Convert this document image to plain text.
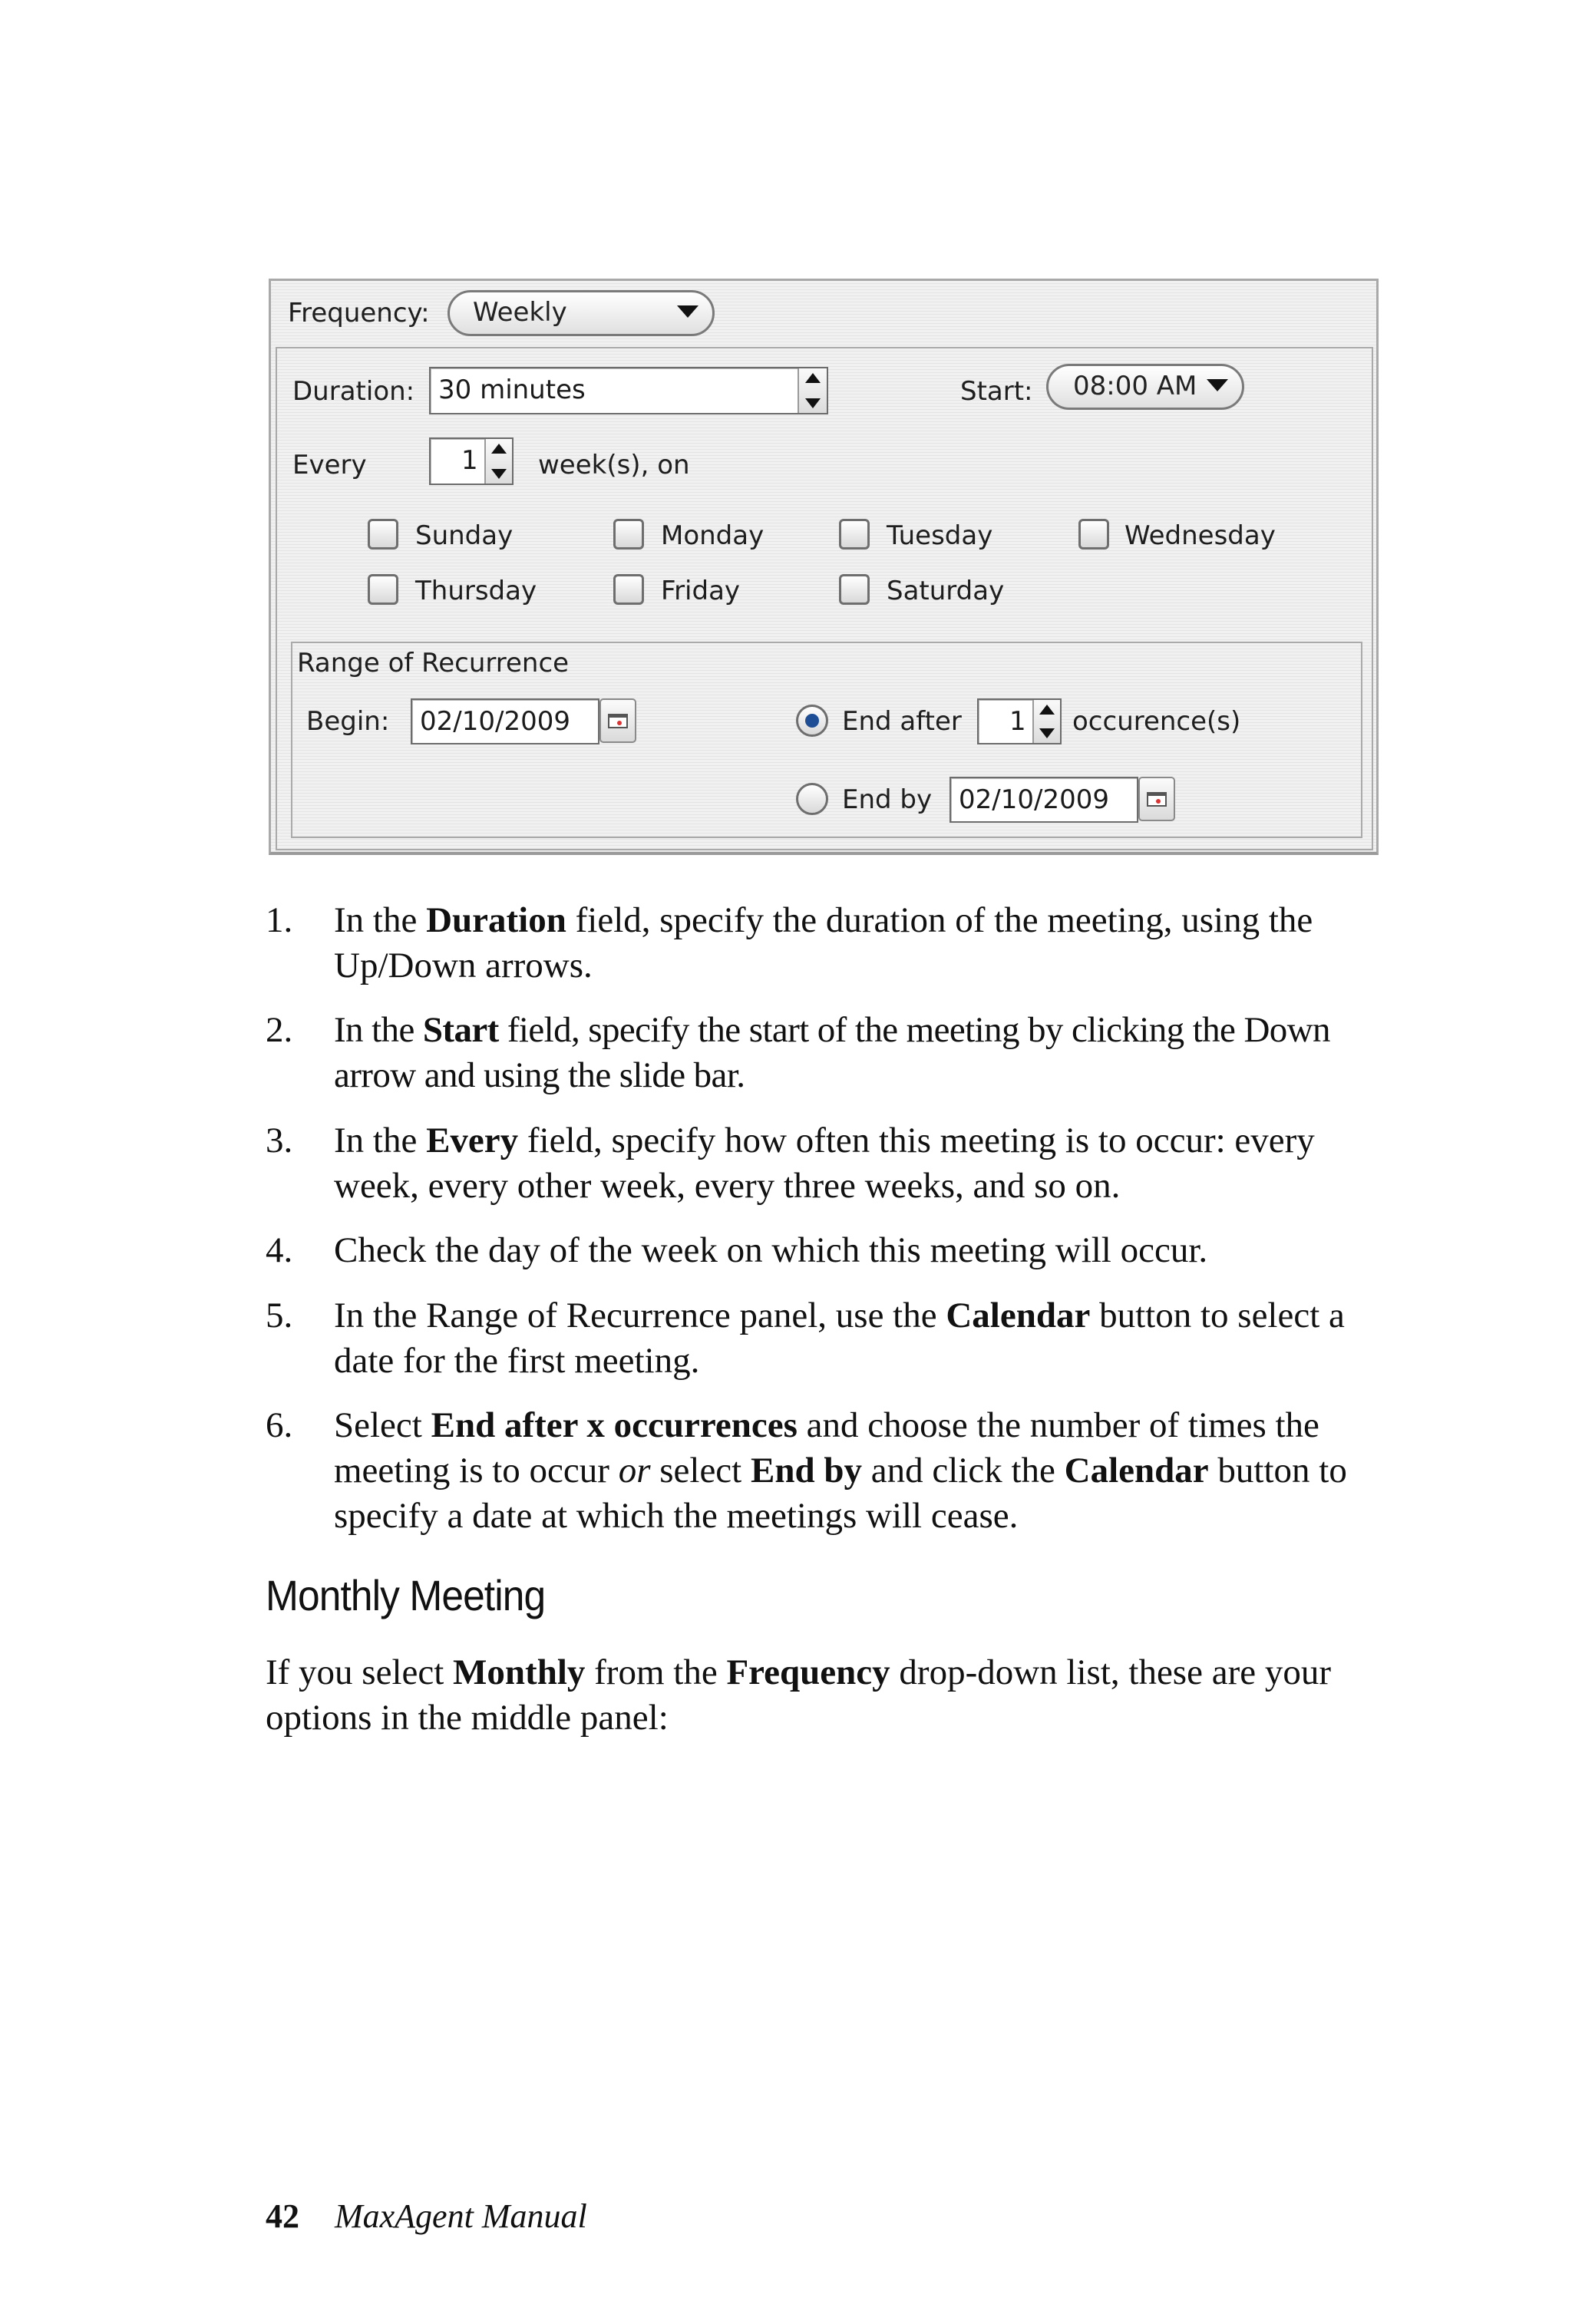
Frequency: Weekly
Duration: 30 minutes	Start: 08:00 AM
Every	1 week(s), on
Sunday	Monday	Tuesday	Wednesday
Thursday	Friday	Saturday
Range of Recurrence
Begin: 02/10/2009	End after 1 occurence(s)
End by 02/10/2009
1. In the Duration field, specify the duration of the meeting, using the Up/Down arrows.
2. In the Start field, specify the start of the meeting by clicking the Down arrow and using the slide bar.
3. In the Every field, specify how often this meeting is to occur: every week, every other week, every three weeks, and so on.
4. Check the day of the week on which this meeting will occur.
5. In the Range of Recurrence panel, use the Calendar button to select a date for the first meeting.
6. Select End after x occurrences and choose the number of times the meeting is to occur or select End by and click the Calendar button to specify a date at which the meetings will cease.
Monthly Meeting
If you select Monthly from the Frequency drop-down list, these are your options in the middle panel:
42 MaxAgent Manual
